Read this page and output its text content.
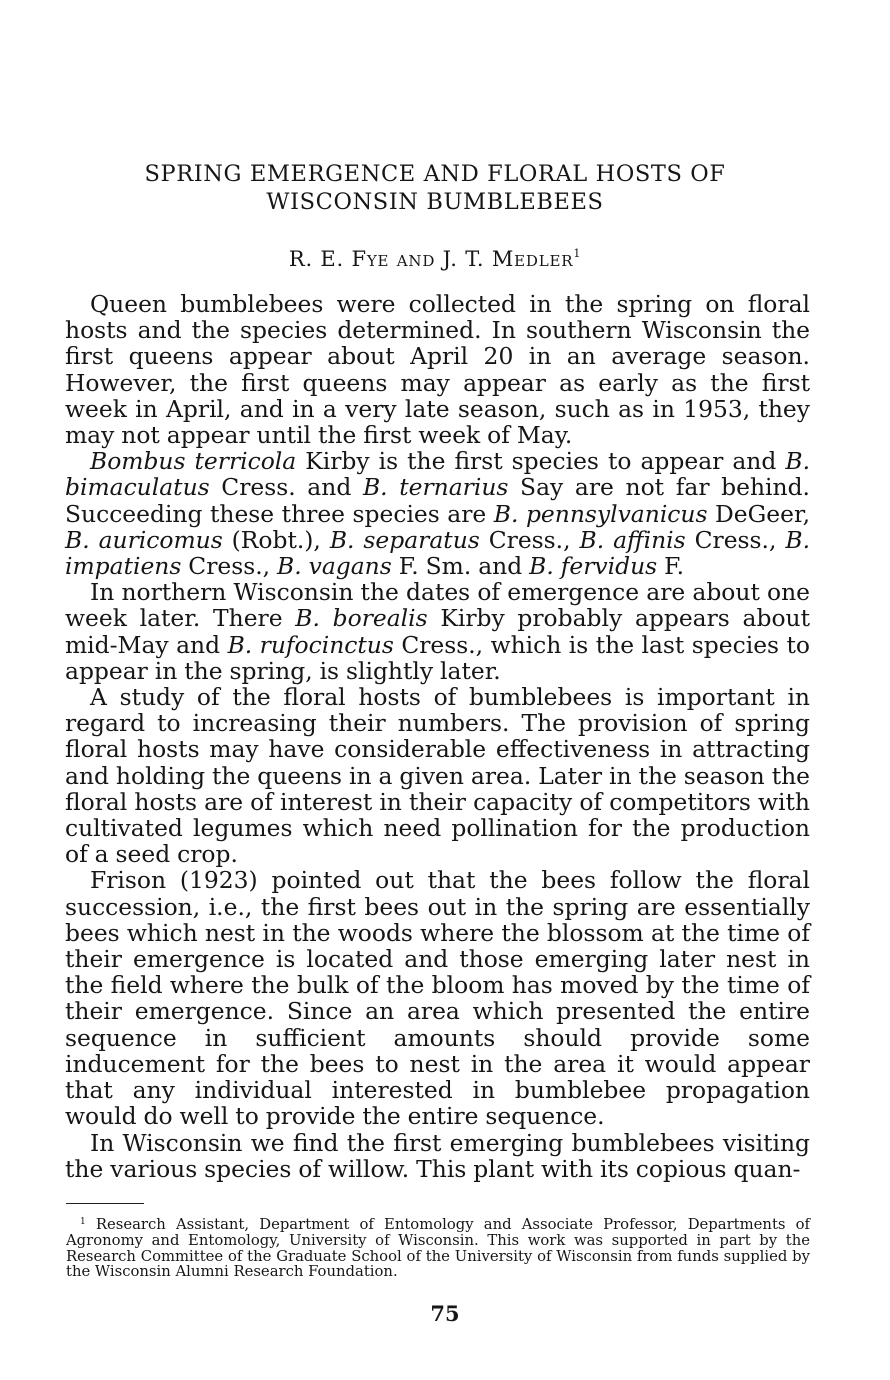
SPRING EMERGENCE AND FLORAL HOSTS OF
WISCONSIN BUMBLEBEES
R. E. Fye and J. T. Medler$^1$

Queen bumblebees were collected in the spring on floral hosts and the species determined. In southern Wisconsin the first queens appear about April 20 in an average season. However, the first queens may appear as early as the first week in April, and in a very late season, such as in 1953, they may not appear until the first week of May.

Bombus terricola Kirby is the first species to appear and B. bimaculatus Cress. and B. ternarius Say are not far behind. Succeeding these three species are B. pennsylvanicus DeGeer, B. auricomus (Robt.), B. separatus Cress., B. affinis Cress., B. impatiens Cress., B. vagans F. Sm. and B. fervidus F.

In northern Wisconsin the dates of emergence are about one week later. There B. borealis Kirby probably appears about mid-May and B. rufocinctus Cress., which is the last species to appear in the spring, is slightly later.

A study of the floral hosts of bumblebees is important in regard to increasing their numbers. The provision of spring floral hosts may have considerable effectiveness in attracting and holding the queens in a given area. Later in the season the floral hosts are of interest in their capacity of competitors with cultivated legumes which need pollination for the production of a seed crop.

Frison (1923) pointed out that the bees follow the floral succession, i.e., the first bees out in the spring are essentially bees which nest in the woods where the blossom at the time of their emergence is located and those emerging later nest in the field where the bulk of the bloom has moved by the time of their emergence. Since an area which presented the entire sequence in sufficient amounts should provide some inducement for the bees to nest in the area it would appear that any individual interested in bumblebee propagation would do well to provide the entire sequence.

In Wisconsin we find the first emerging bumblebees visiting the various species of willow. This plant with its copious quan-

$^1$ Research Assistant, Department of Entomology and Associate Professor, Departments of Agronomy and Entomology, University of Wisconsin. This work was supported in part by the Research Committee of the Graduate School of the University of Wisconsin from funds supplied by the Wisconsin Alumni Research Foundation.
75
